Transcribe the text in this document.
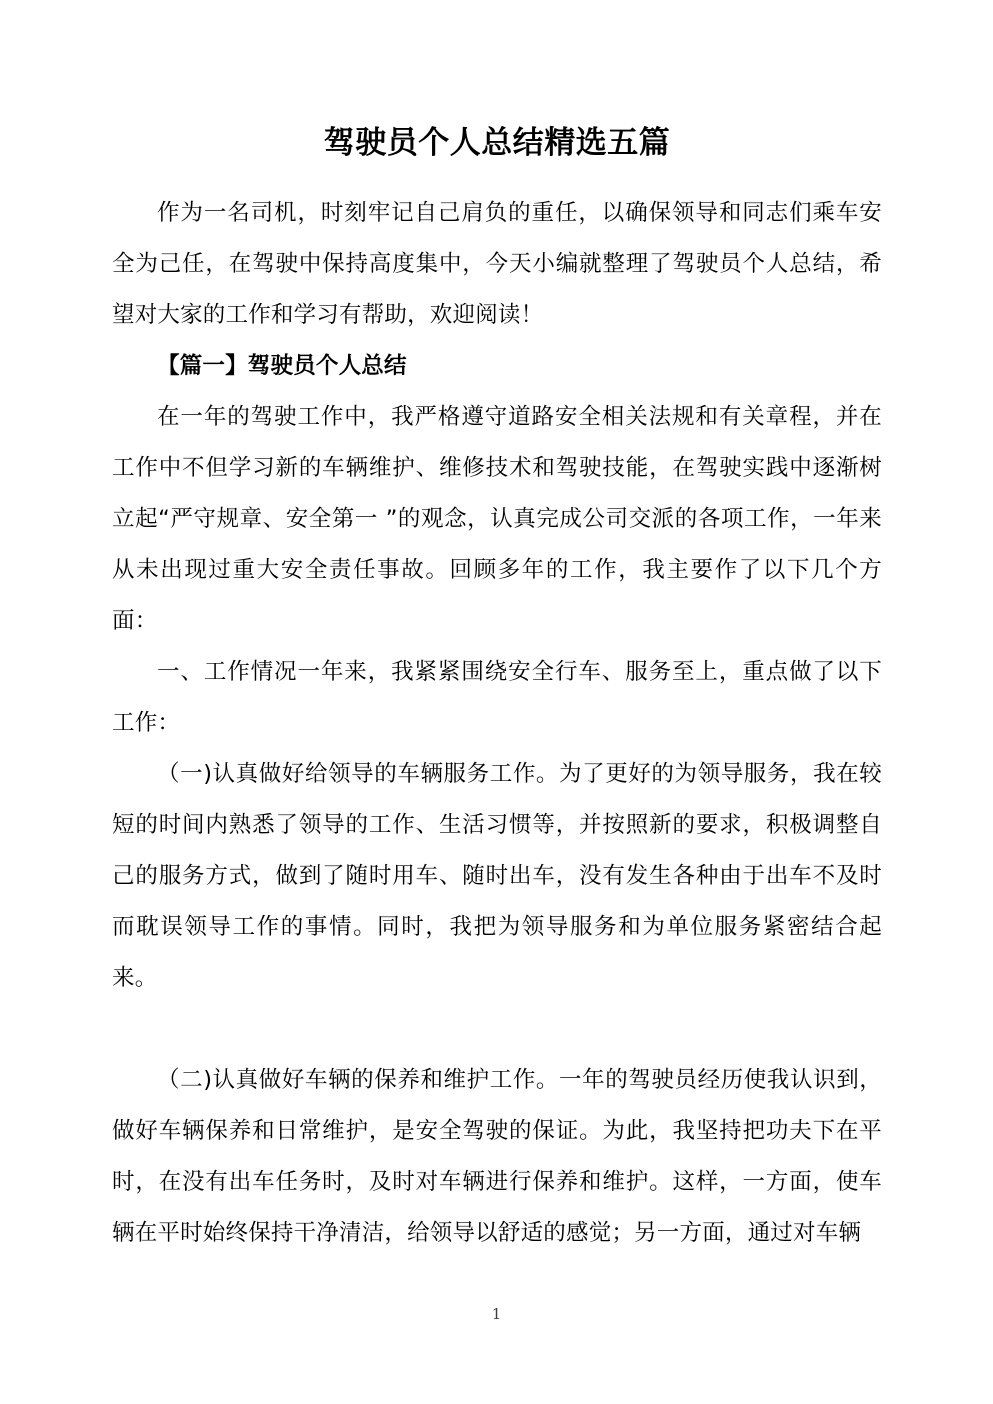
驾驶员个人总结精选五篇

作为一名司机，时刻牢记自己肩负的重任，以确保领导和同志们乘车安全为己任，在驾驶中保持高度集中，今天小编就整理了驾驶员个人总结，希望对大家的工作和学习有帮助，欢迎阅读！

【篇一】驾驶员个人总结

在一年的驾驶工作中，我严格遵守道路安全相关法规和有关章程，并在工作中不但学习新的车辆维护、维修技术和驾驶技能，在驾驶实践中逐渐树立起“严守规章、安全第一 ”的观念，认真完成公司交派的各项工作，一年来从未出现过重大安全责任事故。回顾多年的工作，我主要作了以下几个方面：

一、工作情况一年来，我紧紧围绕安全行车、服务至上，重点做了以下工作：

（一)认真做好给领导的车辆服务工作。为了更好的为领导服务，我在较短的时间内熟悉了领导的工作、生活习惯等，并按照新的要求，积极调整自己的服务方式，做到了随时用车、随时出车，没有发生各种由于出车不及时而耽误领导工作的事情。同时，我把为领导服务和为单位服务紧密结合起来。

（二)认真做好车辆的保养和维护工作。一年的驾驶员经历使我认识到，做好车辆保养和日常维护，是安全驾驶的保证。为此，我坚持把功夫下在平时，在没有出车任务时，及时对车辆进行保养和维护。这样，一方面，使车辆在平时始终保持干净清洁，给领导以舒适的感觉；另一方面，通过对车辆

1
